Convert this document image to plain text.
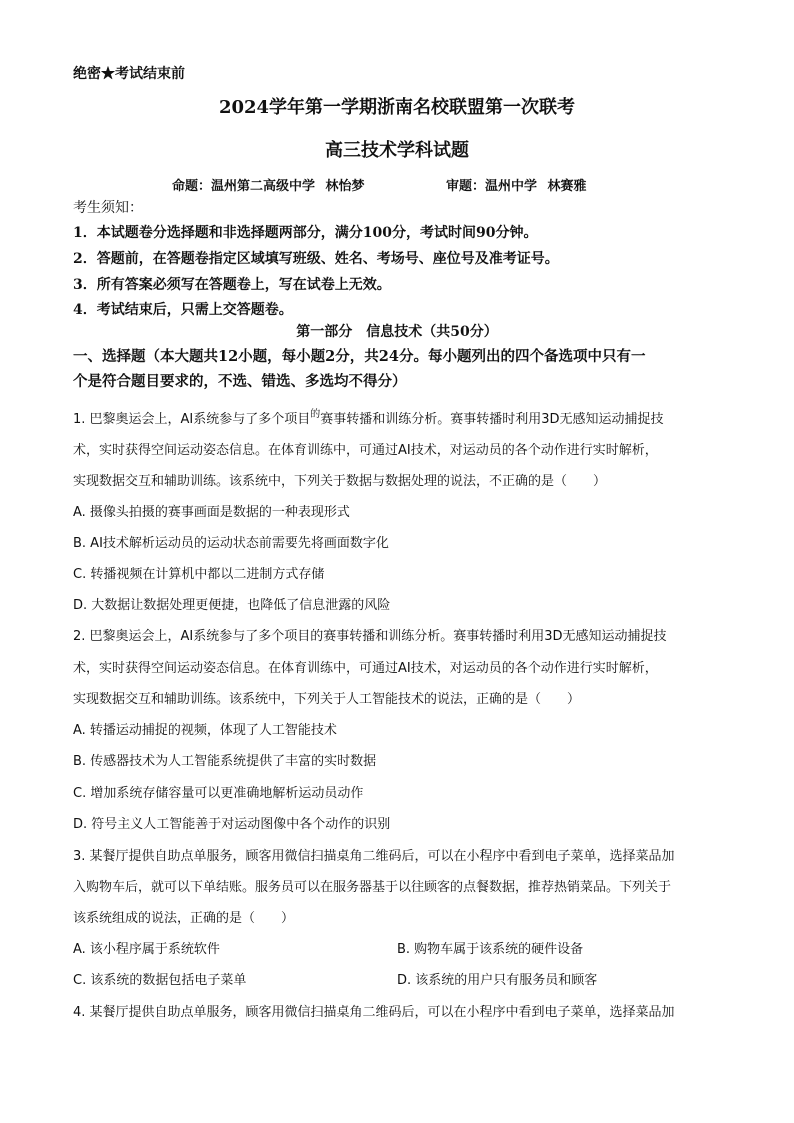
绝密★考试结束前
2024学年第一学期浙南名校联盟第一次联考
高三技术学科试题
命题：温州第二高级中学 林怡梦	审题：温州中学 林赛雅
考生须知：
1．本试题卷分选择题和非选择题两部分，满分100分，考试时间90分钟。
2．答题前，在答题卷指定区域填写班级、姓名、考场号、座位号及准考证号。
3．所有答案必须写在答题卷上，写在试卷上无效。
4．考试结束后，只需上交答题卷。
第一部分　信息技术（共50分）
一、选择题（本大题共12小题，每小题2分，共24分。每小题列出的四个备选项中只有一
个是符合题目要求的，不选、错选、多选均不得分）
1. 巴黎奥运会上，AI系统参与了多个项目$^的$赛事转播和训练分析。赛事转播时利用3D无感知运动捕捉技
术，实时获得空间运动姿态信息。在体育训练中，可通过AI技术，对运动员的各个动作进行实时解析，
实现数据交互和辅助训练。该系统中，下列关于数据与数据处理的说法，不正确的是（　　）
A. 摄像头拍摄的赛事画面是数据的一种表现形式
B. AI技术解析运动员的运动状态前需要先将画面数字化
C. 转播视频在计算机中都以二进制方式存储
D. 大数据让数据处理更便捷，也降低了信息泄露的风险
2. 巴黎奥运会上，AI系统参与了多个项目的赛事转播和训练分析。赛事转播时利用3D无感知运动捕捉技
术，实时获得空间运动姿态信息。在体育训练中，可通过AI技术，对运动员的各个动作进行实时解析，
实现数据交互和辅助训练。该系统中，下列关于人工智能技术的说法，正确的是（　　）
A. 转播运动捕捉的视频，体现了人工智能技术
B. 传感器技术为人工智能系统提供了丰富的实时数据
C. 增加系统存储容量可以更准确地解析运动员动作
D. 符号主义人工智能善于对运动图像中各个动作的识别
3. 某餐厅提供自助点单服务，顾客用微信扫描桌角二维码后，可以在小程序中看到电子菜单，选择菜品加
入购物车后，就可以下单结账。服务员可以在服务器基于以往顾客的点餐数据，推荐热销菜品。下列关于
该系统组成的说法，正确的是（　　）
A. 该小程序属于系统软件	B. 购物车属于该系统的硬件设备
C. 该系统的数据包括电子菜单	D. 该系统的用户只有服务员和顾客
4. 某餐厅提供自助点单服务，顾客用微信扫描桌角二维码后，可以在小程序中看到电子菜单，选择菜品加
